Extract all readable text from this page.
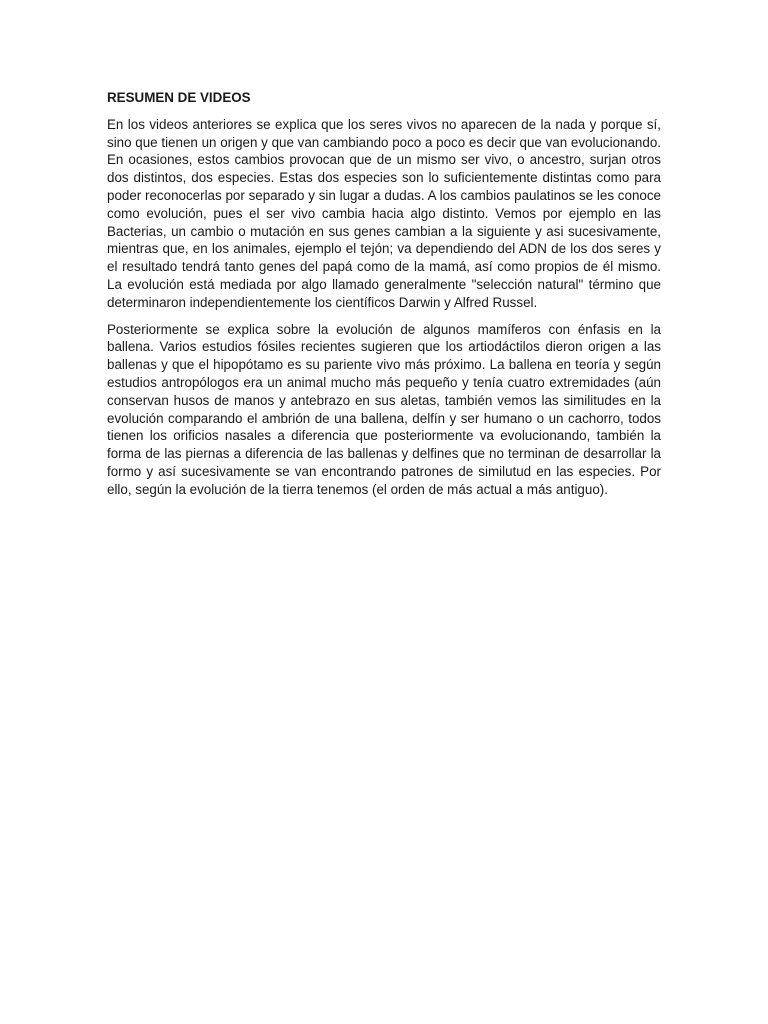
RESUMEN DE VIDEOS

En los videos anteriores se explica que los seres vivos no aparecen de la nada y porque sí, sino que tienen un origen y que van cambiando poco a poco es decir que van evolucionando. En ocasiones, estos cambios provocan que de un mismo ser vivo, o ancestro, surjan otros dos distintos, dos especies. Estas dos especies son lo suficientemente distintas como para poder reconocerlas por separado y sin lugar a dudas. A los cambios paulatinos se les conoce como evolución, pues el ser vivo cambia hacia algo distinto. Vemos por ejemplo en las Bacterias, un cambio o mutación en sus genes cambian a la siguiente y asi sucesivamente, mientras que, en los animales, ejemplo el tejón; va dependiendo del ADN de los dos seres y el resultado tendrá tanto genes del papá como de la mamá, así como propios de él mismo. La evolución está mediada por algo llamado generalmente "selección natural" término que determinaron independientemente los científicos Darwin y Alfred Russel.

Posteriormente se explica sobre la evolución de algunos mamíferos con énfasis en la ballena. Varios estudios fósiles recientes sugieren que los artiodáctilos dieron origen a las ballenas y que el hipopótamo es su pariente vivo más próximo. La ballena en teoría y según estudios antropólogos era un animal mucho más pequeño y tenía cuatro extremidades (aún conservan husos de manos y antebrazo en sus aletas, también vemos las similitudes en la evolución comparando el ambrión de una ballena, delfín y ser humano o un cachorro, todos tienen los orificios nasales a diferencia que posteriormente va evolucionando, también la forma de las piernas a diferencia de las ballenas y delfines que no terminan de desarrollar la formo y así sucesivamente se van encontrando patrones de similutud en las especies. Por ello, según la evolución de la tierra tenemos (el orden de más actual a más antiguo).
